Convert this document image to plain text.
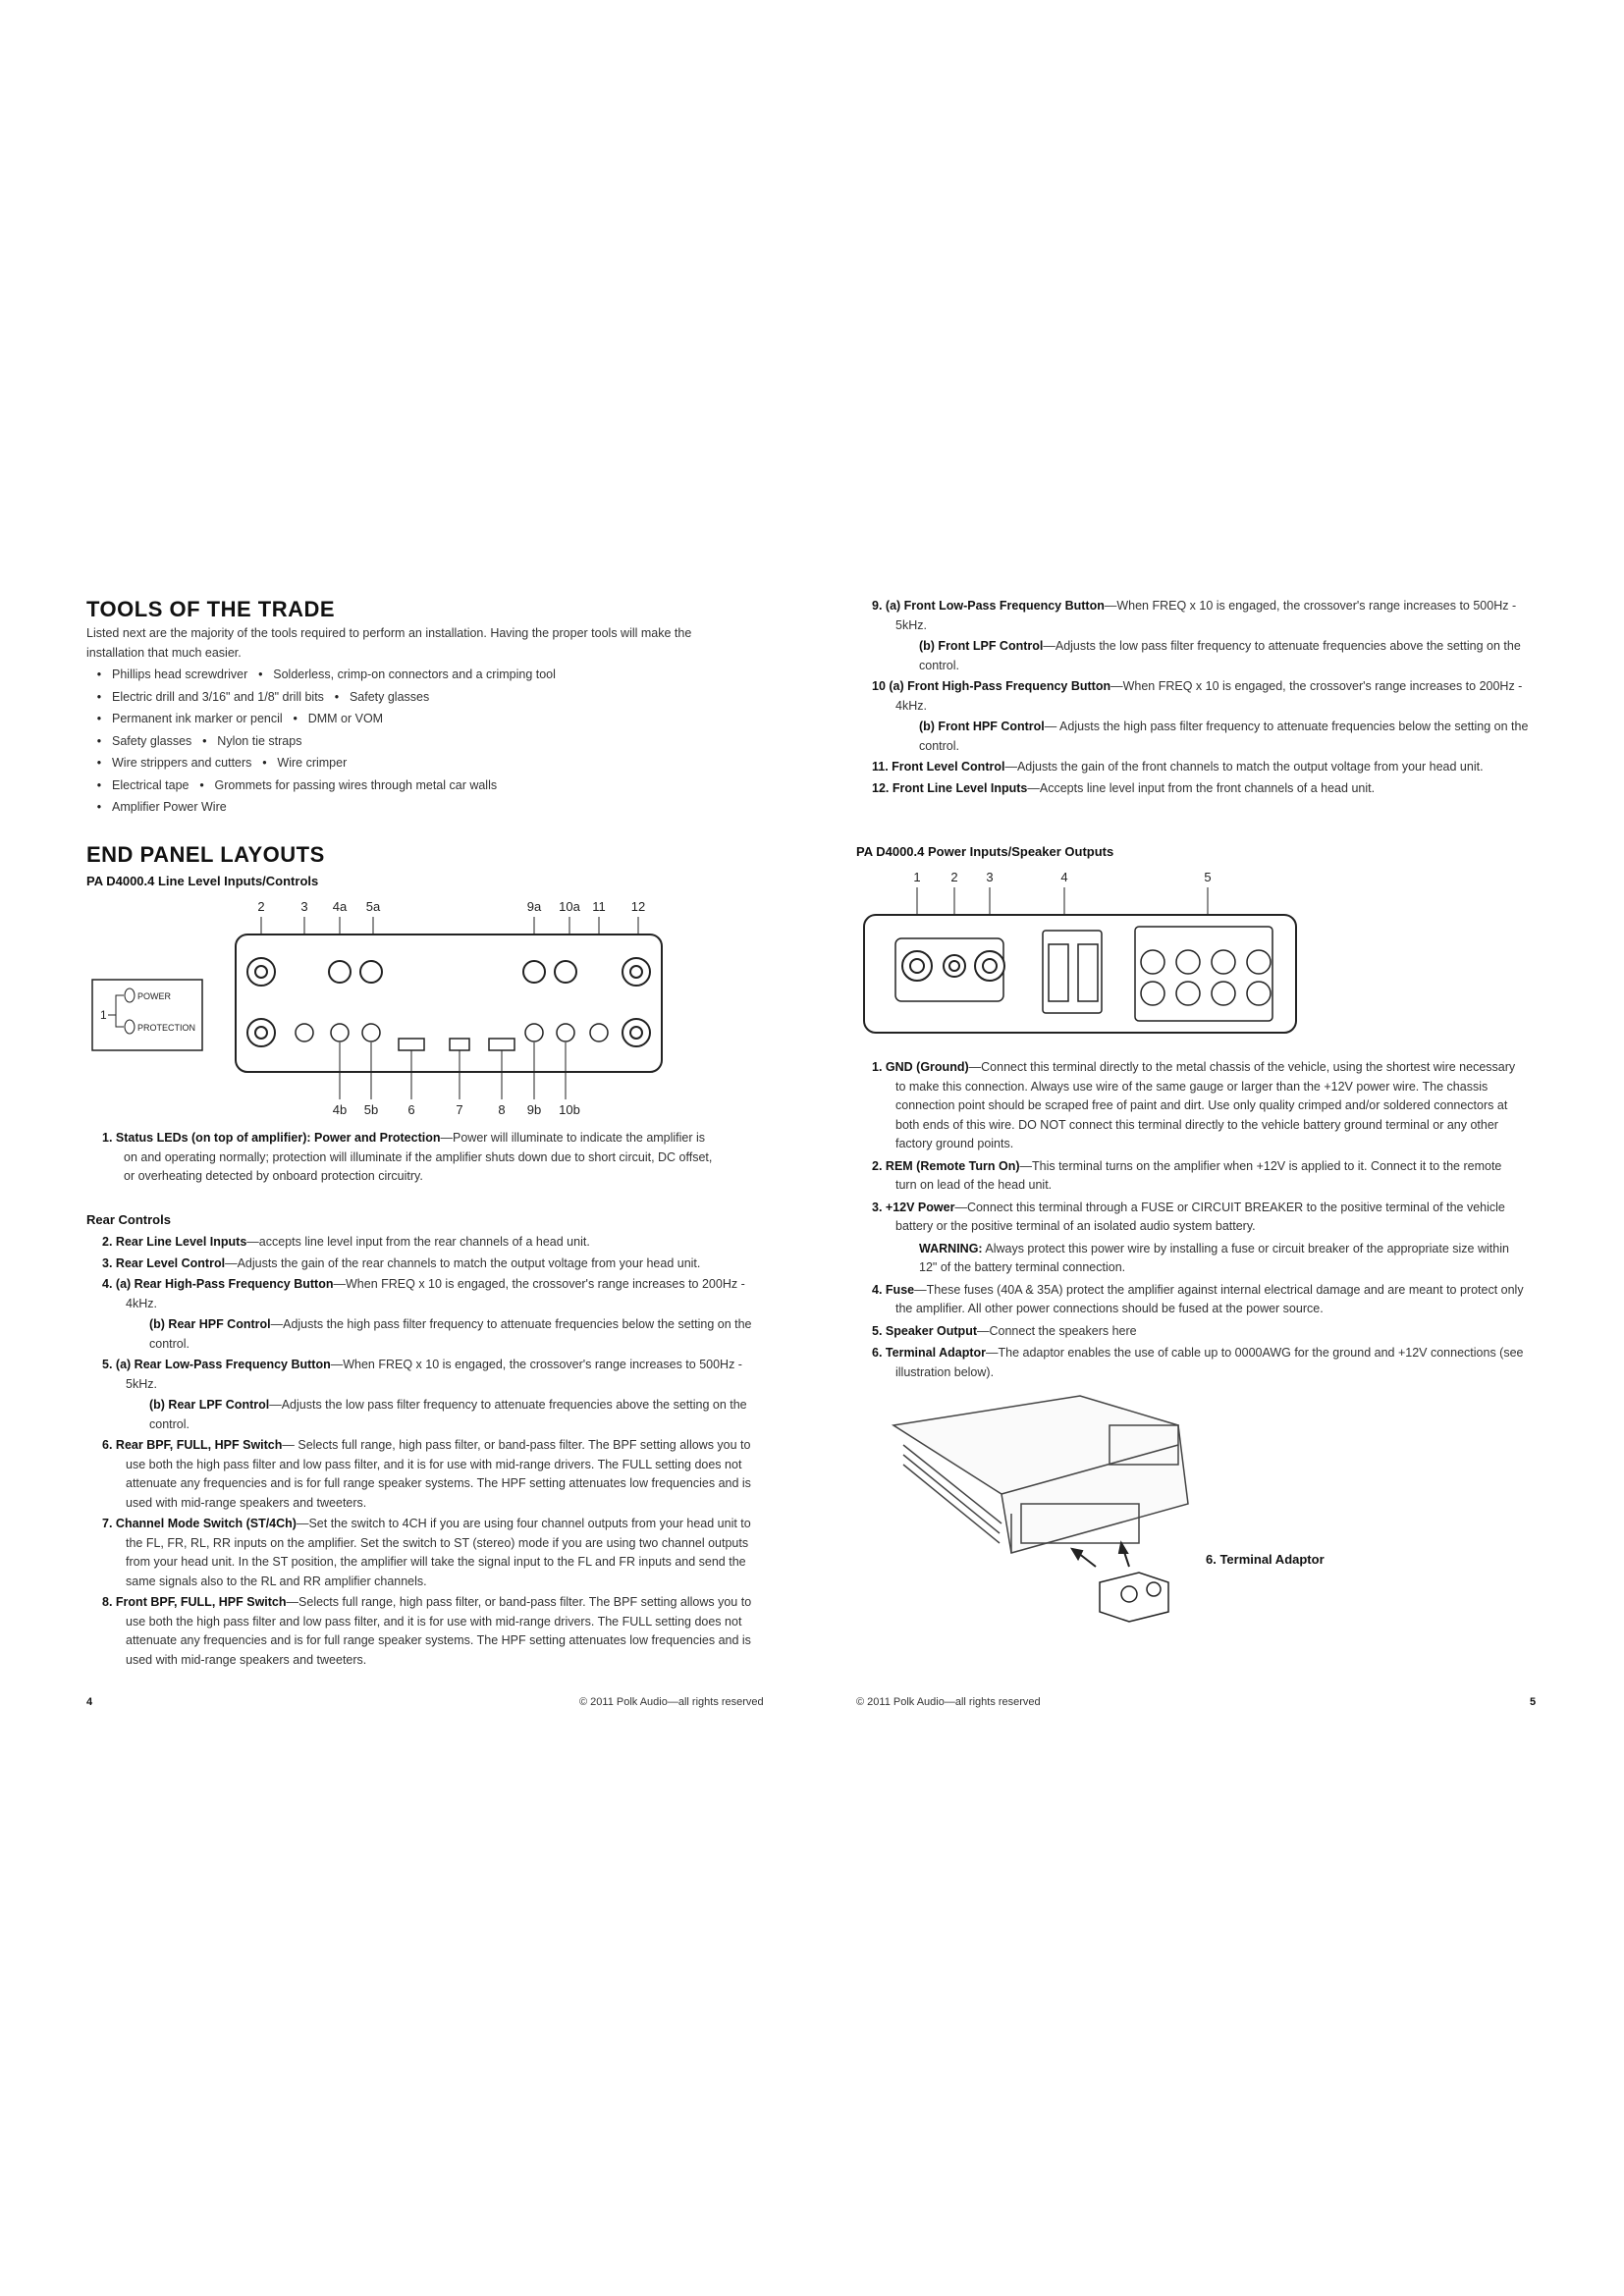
TOOLS OF THE TRADE
Listed next are the majority of the tools required to perform an installation. Having the proper tools will make the installation that much easier.
• Phillips head screwdriver • Solderless, crimp-on connectors and a crimping tool
• Electric drill and 3/16" and 1/8" drill bits • Safety glasses
• Permanent ink marker or pencil • DMM or VOM
• Safety glasses • Nylon tie straps
• Wire strippers and cutters • Wire crimper
• Electrical tape • Grommets for passing wires through metal car walls
• Amplifier Power Wire
END PANEL LAYOUTS
PA D4000.4 Line Level Inputs/Controls
2	3 4a 5a	9a 10a 11 12
4b 5b 6	7	8 9b 10b
1
POWER
PROTECTION
1. Status LEDs (on top of amplifier): Power and Protection—Power will illuminate to indicate the amplifier is on and operating normally; protection will illuminate if the amplifier shuts down due to short circuit, DC offset, or overheating detected by onboard protection circuitry.
Rear Controls
2. Rear Line Level Inputs—accepts line level input from the rear channels of a head unit.
3. Rear Level Control—Adjusts the gain of the rear channels to match the output voltage from your head unit.
4. (a) Rear High-Pass Frequency Button—When FREQ x 10 is engaged, the crossover's range increases to 200Hz - 4kHz.
(b) Rear HPF Control—Adjusts the high pass filter frequency to attenuate frequencies below the setting on the control.
5. (a) Rear Low-Pass Frequency Button—When FREQ x 10 is engaged, the crossover's range increases to 500Hz - 5kHz.
(b) Rear LPF Control—Adjusts the low pass filter frequency to attenuate frequencies above the setting on the control.
6. Rear BPF, FULL, HPF Switch— Selects full range, high pass filter, or band-pass filter. The BPF setting allows you to use both the high pass filter and low pass filter, and it is for use with mid-range drivers. The FULL setting does not attenuate any frequencies and is for full range speaker systems. The HPF setting attenuates low frequencies and is used with mid-range speakers and tweeters.
7. Channel Mode Switch (ST/4Ch)—Set the switch to 4CH if you are using four channel outputs from your head unit to the FL, FR, RL, RR inputs on the amplifier. Set the switch to ST (stereo) mode if you are using two channel outputs from your head unit. In the ST position, the amplifier will take the signal input to the FL and FR inputs and send the same signals also to the RL and RR amplifier channels.
8. Front BPF, FULL, HPF Switch—Selects full range, high pass filter, or band-pass filter. The BPF setting allows you to use both the high pass filter and low pass filter, and it is for use with mid-range drivers. The FULL setting does not attenuate any frequencies and is for full range speaker systems. The HPF setting attenuates low frequencies and is used with mid-range speakers and tweeters.
4	© 2011 Polk Audio—all rights reserved
9. (a) Front Low-Pass Frequency Button—When FREQ x 10 is engaged, the crossover's range increases to 500Hz - 5kHz.
(b) Front LPF Control—Adjusts the low pass filter frequency to attenuate frequencies above the setting on the control.
10 (a) Front High-Pass Frequency Button—When FREQ x 10 is engaged, the crossover's range increases to 200Hz - 4kHz.
(b) Front HPF Control— Adjusts the high pass filter frequency to attenuate frequencies below the setting on the control.
11. Front Level Control—Adjusts the gain of the front channels to match the output voltage from your head unit.
12. Front Line Level Inputs—Accepts line level input from the front channels of a head unit.
PA D4000.4 Power Inputs/Speaker Outputs
1 2 3	4	5
1. GND (Ground)—Connect this terminal directly to the metal chassis of the vehicle, using the shortest wire necessary to make this connection. Always use wire of the same gauge or larger than the +12V power wire. The chassis connection point should be scraped free of paint and dirt. Use only quality crimped and/or soldered connectors at both ends of this wire. DO NOT connect this terminal directly to the vehicle battery ground terminal or any other factory ground points.
2. REM (Remote Turn On)—This terminal turns on the amplifier when +12V is applied to it. Connect it to the remote turn on lead of the head unit.
3. +12V Power—Connect this terminal through a FUSE or CIRCUIT BREAKER to the positive terminal of the vehicle battery or the positive terminal of an isolated audio system battery.
WARNING: Always protect this power wire by installing a fuse or circuit breaker of the appropriate size within 12" of the battery terminal connection.
4. Fuse—These fuses (40A & 35A) protect the amplifier against internal electrical damage and are meant to protect only the amplifier. All other power connections should be fused at the power source.
5. Speaker Output—Connect the speakers here
6. Terminal Adaptor—The adaptor enables the use of cable up to 0000AWG for the ground and +12V connections (see illustration below).
6. Terminal Adaptor
© 2011 Polk Audio—all rights reserved	5
